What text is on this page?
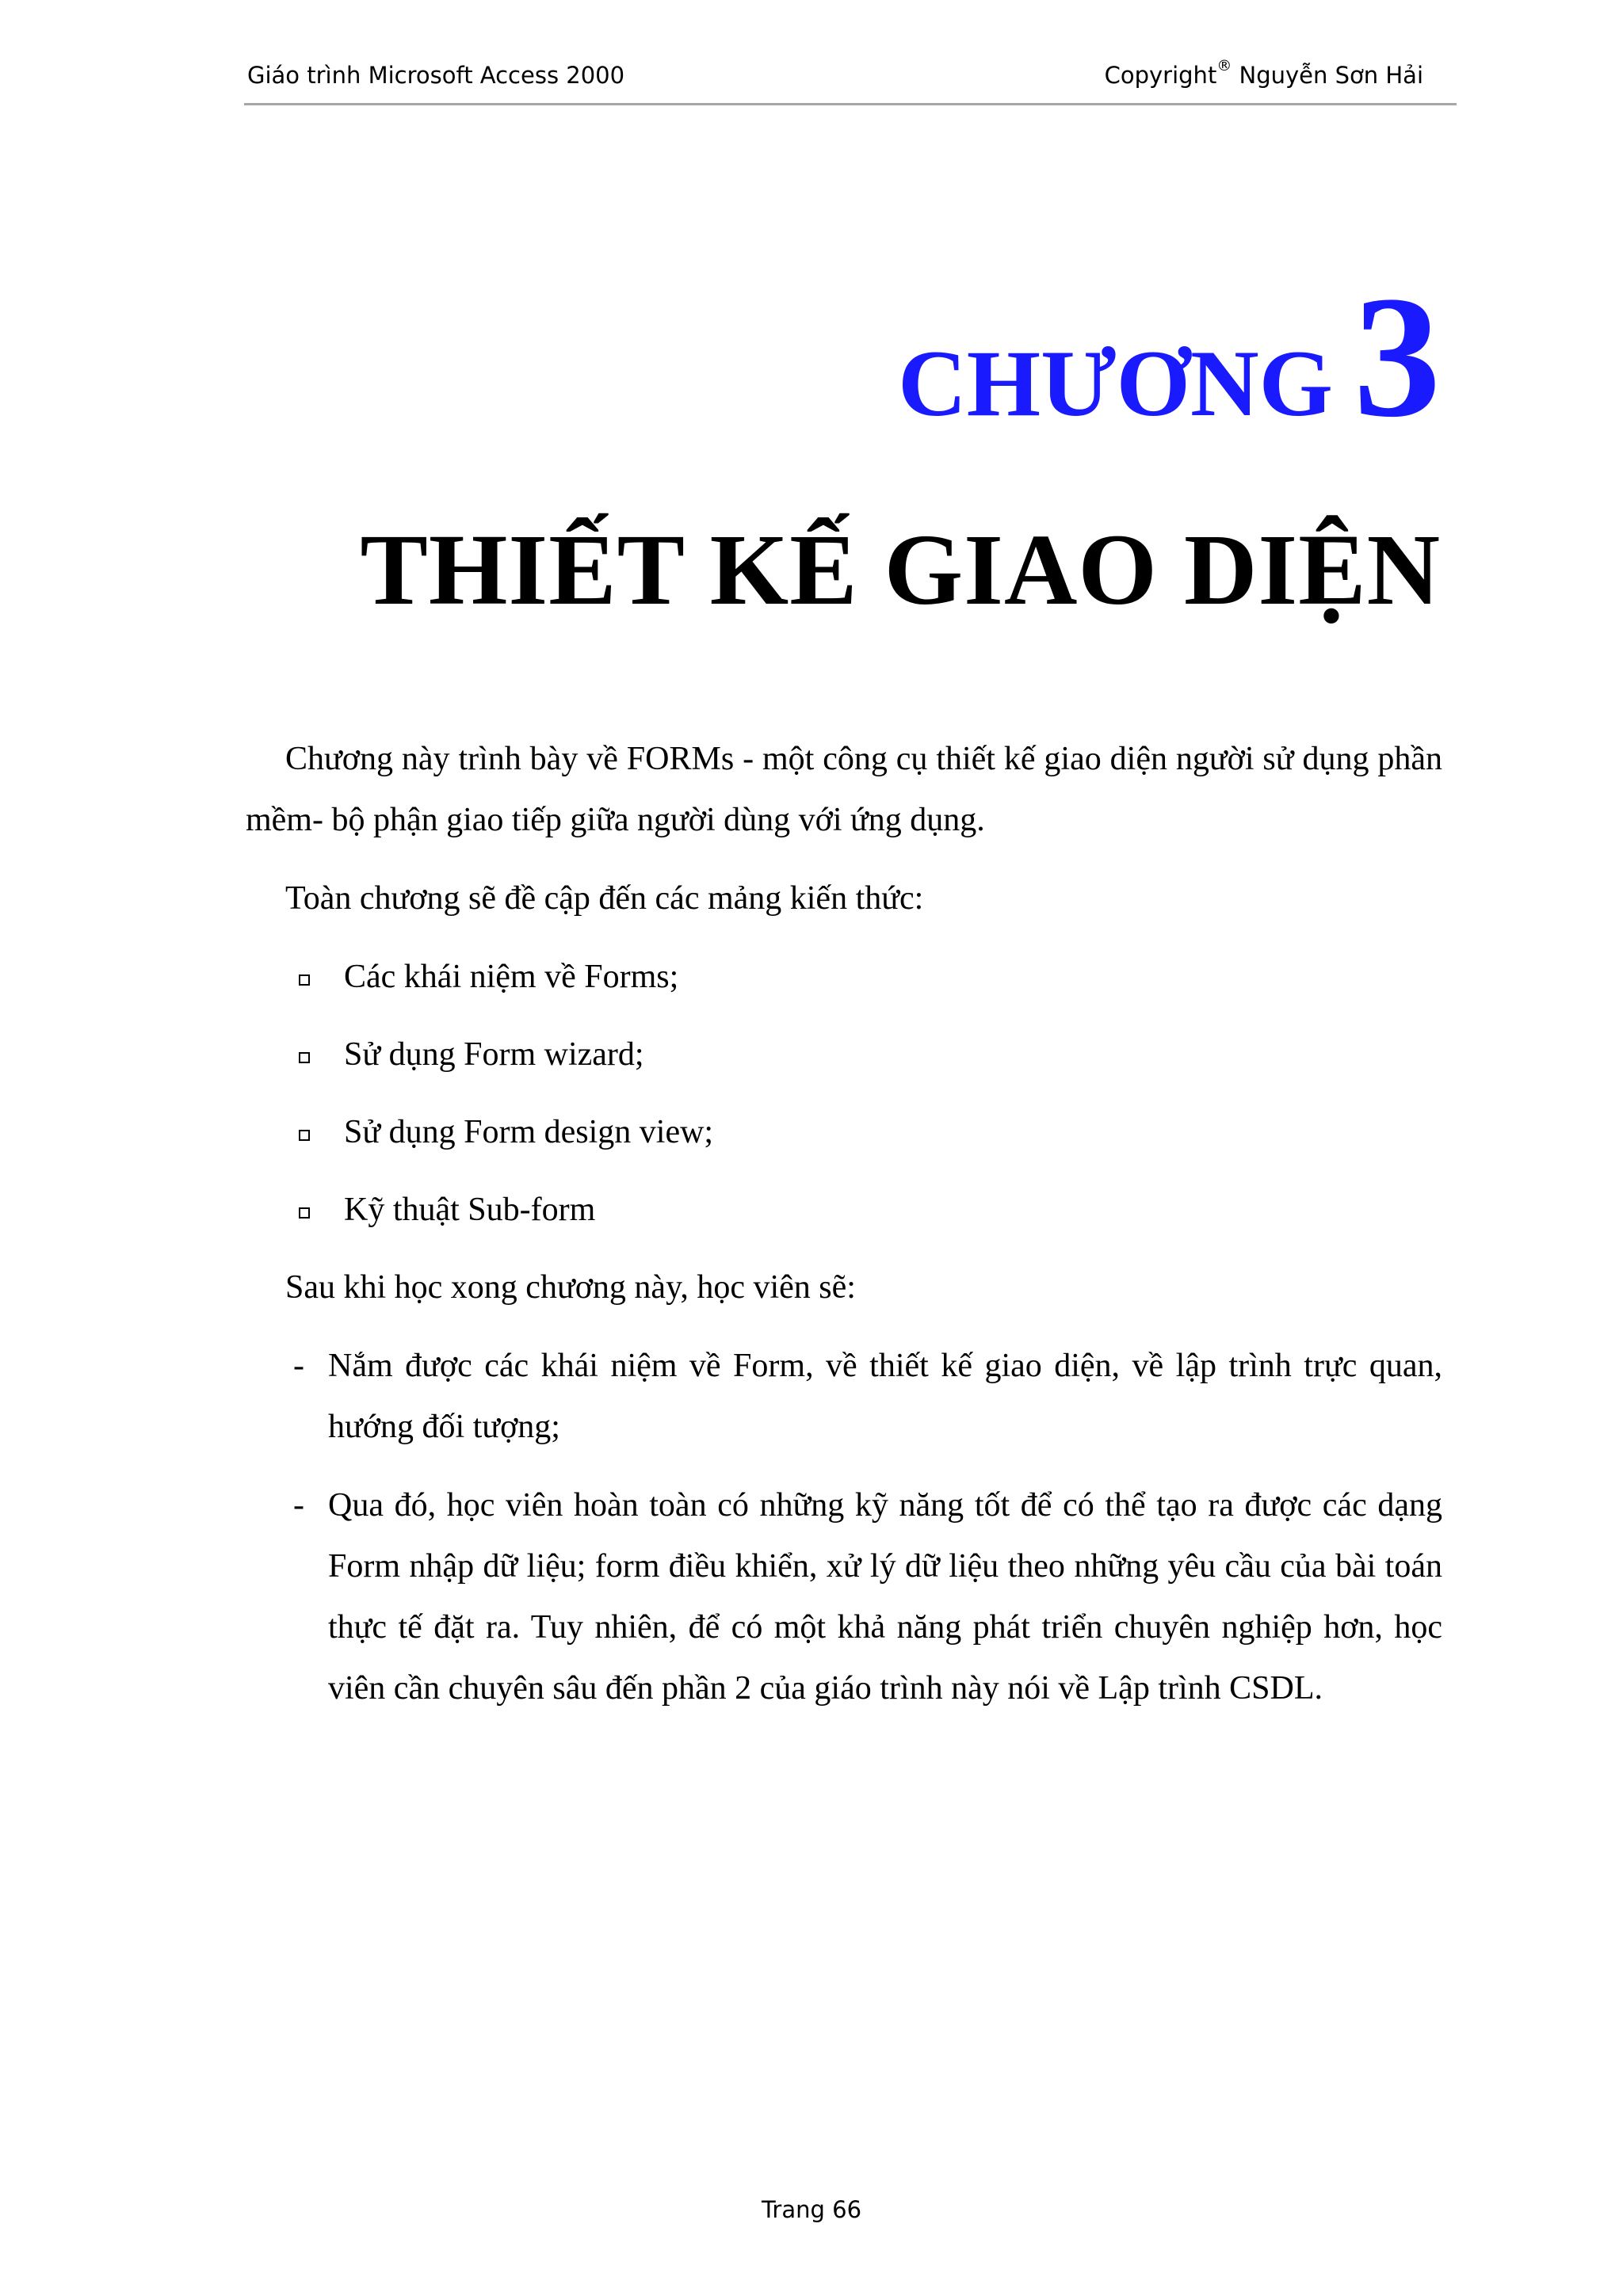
Giáo trình Microsoft Access 2000	Copyright® Nguyễn Sơn Hải
CHƯƠNG 3
THIẾT KẾ GIAO DIỆN

Chương này trình bày về FORMs - một công cụ thiết kế giao diện người sử dụng phần mềm- bộ phận giao tiếp giữa người dùng với ứng dụng.

Toàn chương sẽ đề cập đến các mảng kiến thức:

Các khái niệm về Forms;
Sử dụng Form wizard;
Sử dụng Form design view;
Kỹ thuật Sub-form

Sau khi học xong chương này, học viên sẽ:

- Nắm được các khái niệm về Form, về thiết kế giao diện, về lập trình trực quan, hướng đối tượng;
- Qua đó, học viên hoàn toàn có những kỹ năng tốt để có thể tạo ra được các dạng Form nhập dữ liệu; form điều khiển, xử lý dữ liệu theo những yêu cầu của bài toán thực tế đặt ra. Tuy nhiên, để có một khả năng phát triển chuyên nghiệp hơn, học viên cần chuyên sâu đến phần 2 của giáo trình này nói về Lập trình CSDL.
Trang 66
